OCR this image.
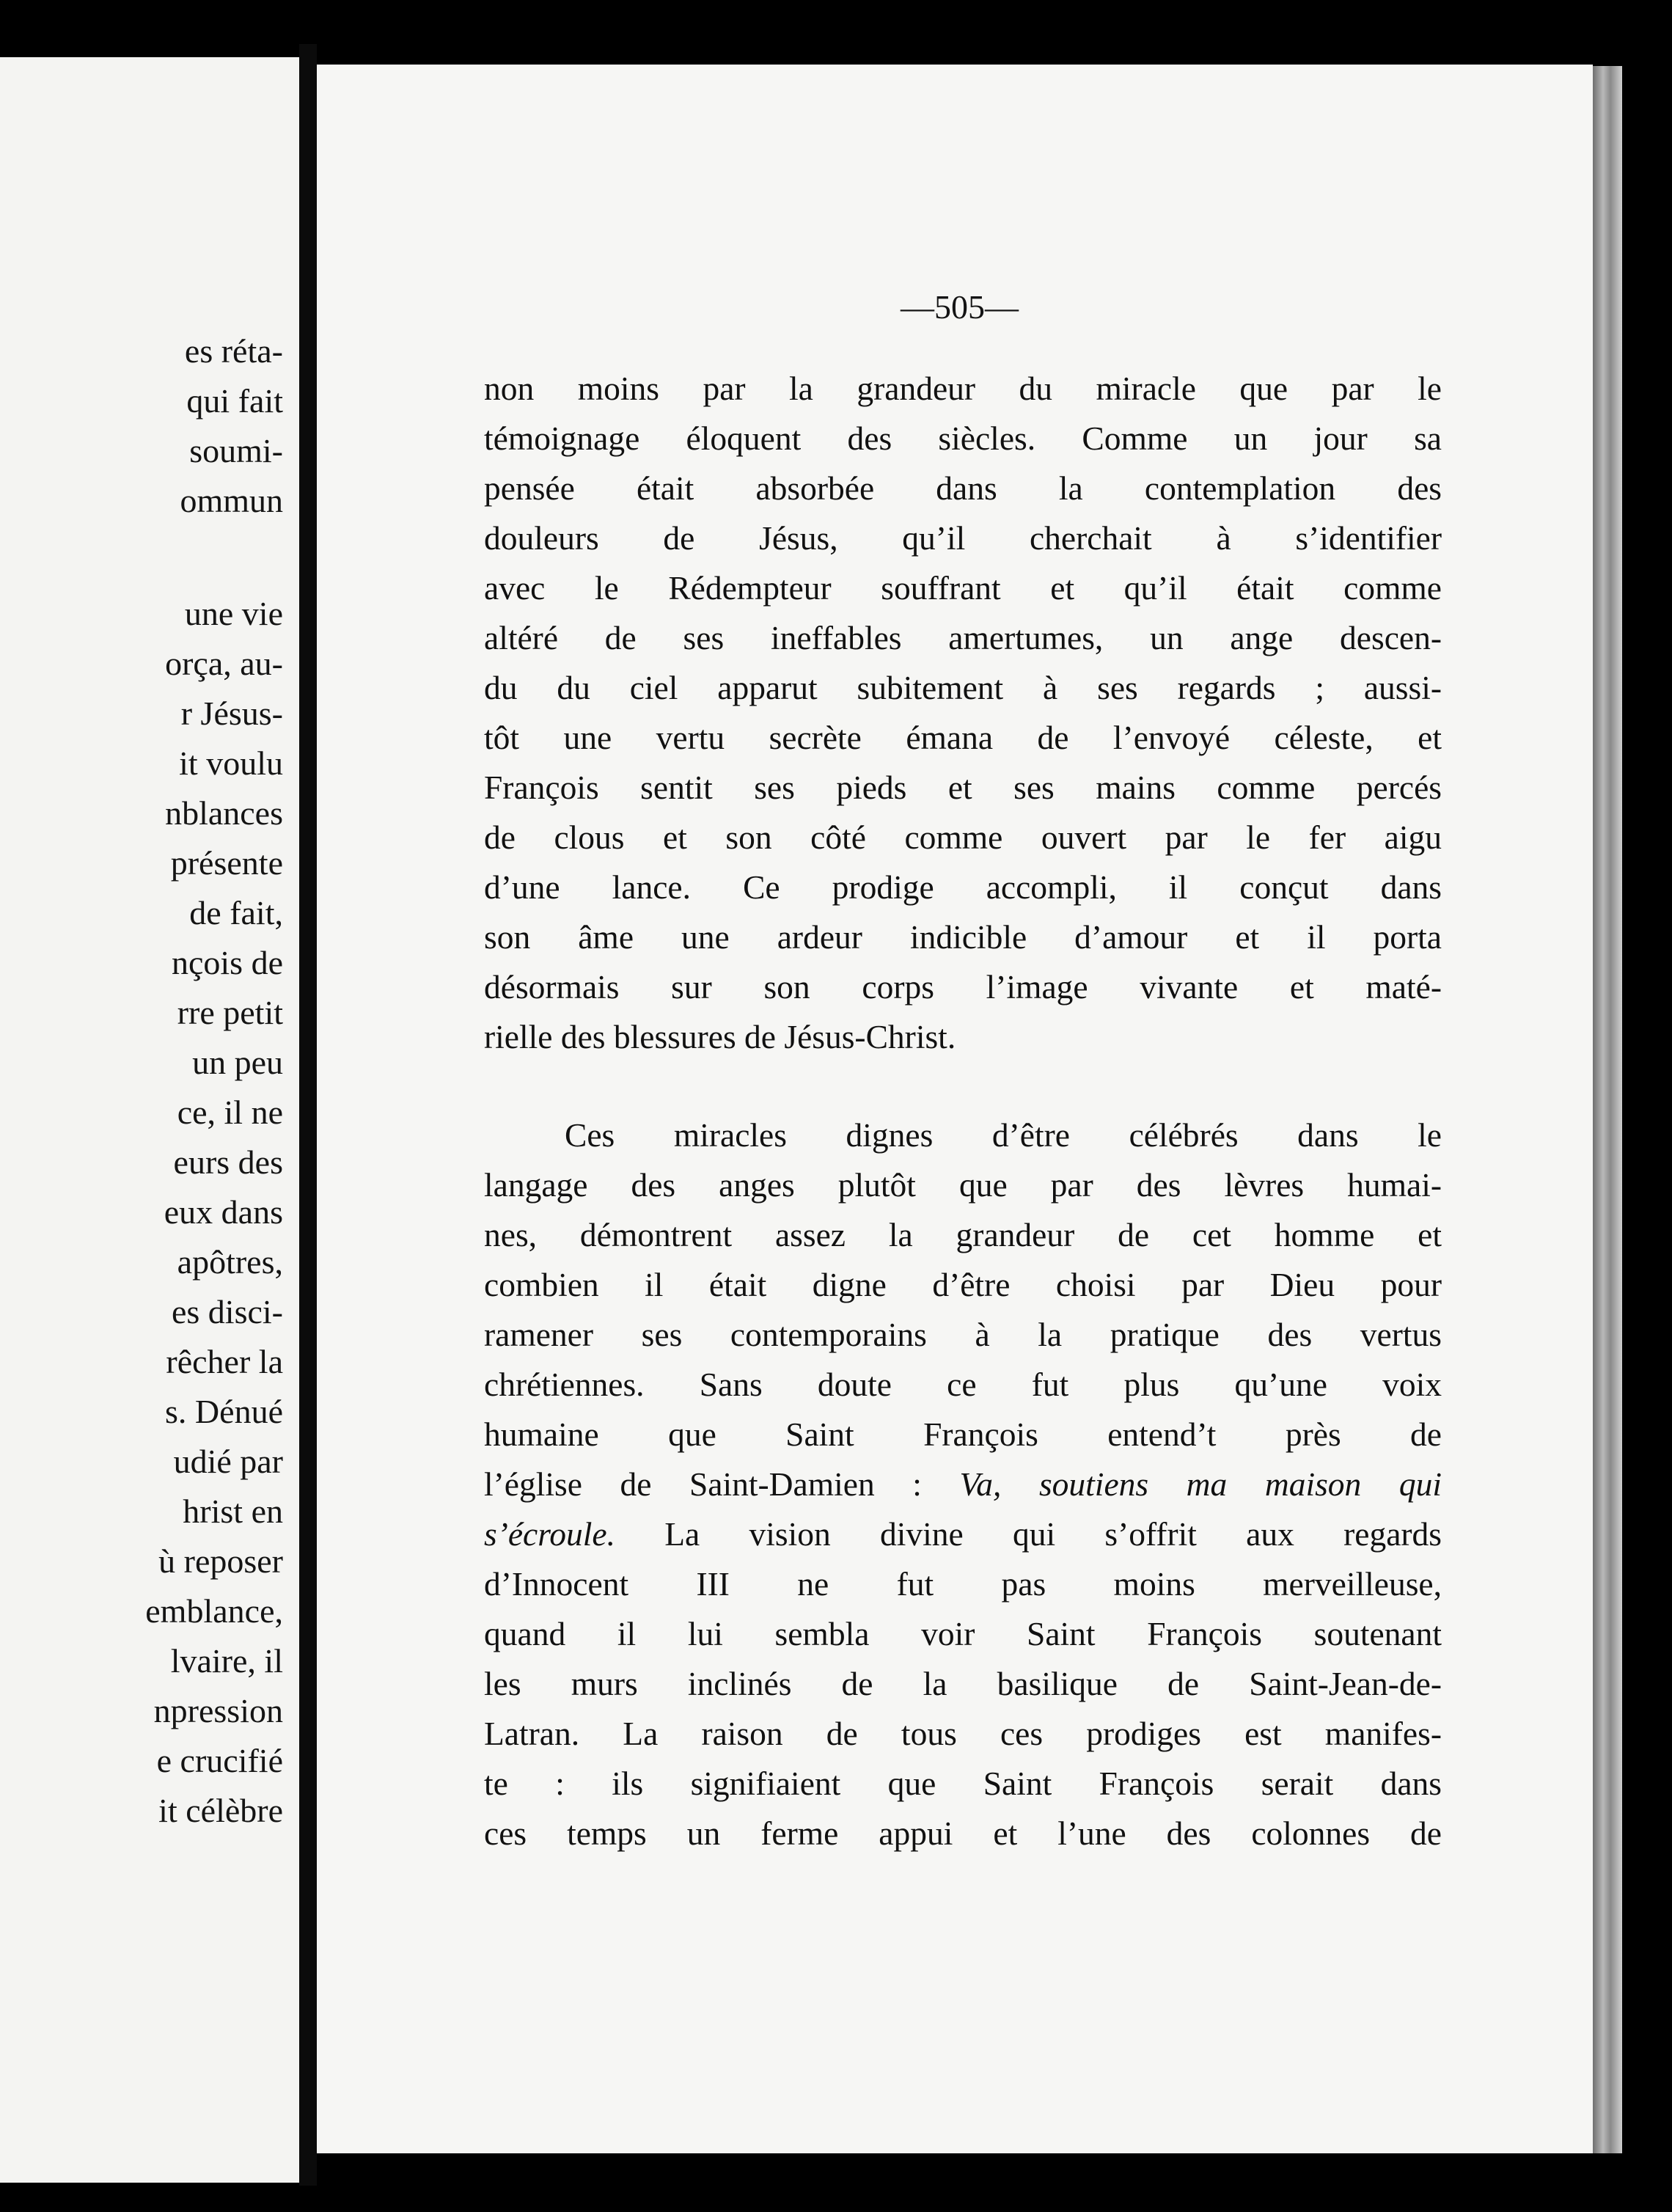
es réta-
qui fait
soumi-
ommun
une vie
orça, au-
r Jésus-
it voulu
nblances
présente
de fait,
nçois de
rre petit
un peu
ce, il ne
eurs des
eux dans
apôtres,
es disci-
rêcher la
s. Dénué
udié par
hrist en
ù reposer
emblance,
lvaire, il
npression
e crucifié
it célèbre
—505—
non moins par la grandeur du miracle que par le
témoignage éloquent des siècles. Comme un jour sa
pensée était absorbée dans la contemplation des
douleurs de Jésus, qu’il cherchait à s’identifier
avec le Rédempteur souffrant et qu’il était comme
altéré de ses ineffables amertumes, un ange descen-
du du ciel apparut subitement à ses regards ; aussi-
tôt une vertu secrète émana de l’envoyé céleste, et
François sentit ses pieds et ses mains comme percés
de clous et son côté comme ouvert par le fer aigu
d’une lance. Ce prodige accompli, il conçut dans
son âme une ardeur indicible d’amour et il porta
désormais sur son corps l’image vivante et maté-
rielle des blessures de Jésus-Christ.
Ces miracles dignes d’être célébrés dans le
langage des anges plutôt que par des lèvres humai-
nes, démontrent assez la grandeur de cet homme et
combien il était digne d’être choisi par Dieu pour
ramener ses contemporains à la pratique des vertus
chrétiennes. Sans doute ce fut plus qu’une voix
humaine que Saint François entend’t près de
l’église de Saint-Damien : Va, soutiens ma maison qui
s’écroule. La vision divine qui s’offrit aux regards
d’Innocent III ne fut pas moins merveilleuse,
quand il lui sembla voir Saint François soutenant
les murs inclinés de la basilique de Saint-Jean-de-
Latran. La raison de tous ces prodiges est manifes-
te : ils signifiaient que Saint François serait dans
ces temps un ferme appui et l’une des colonnes de
